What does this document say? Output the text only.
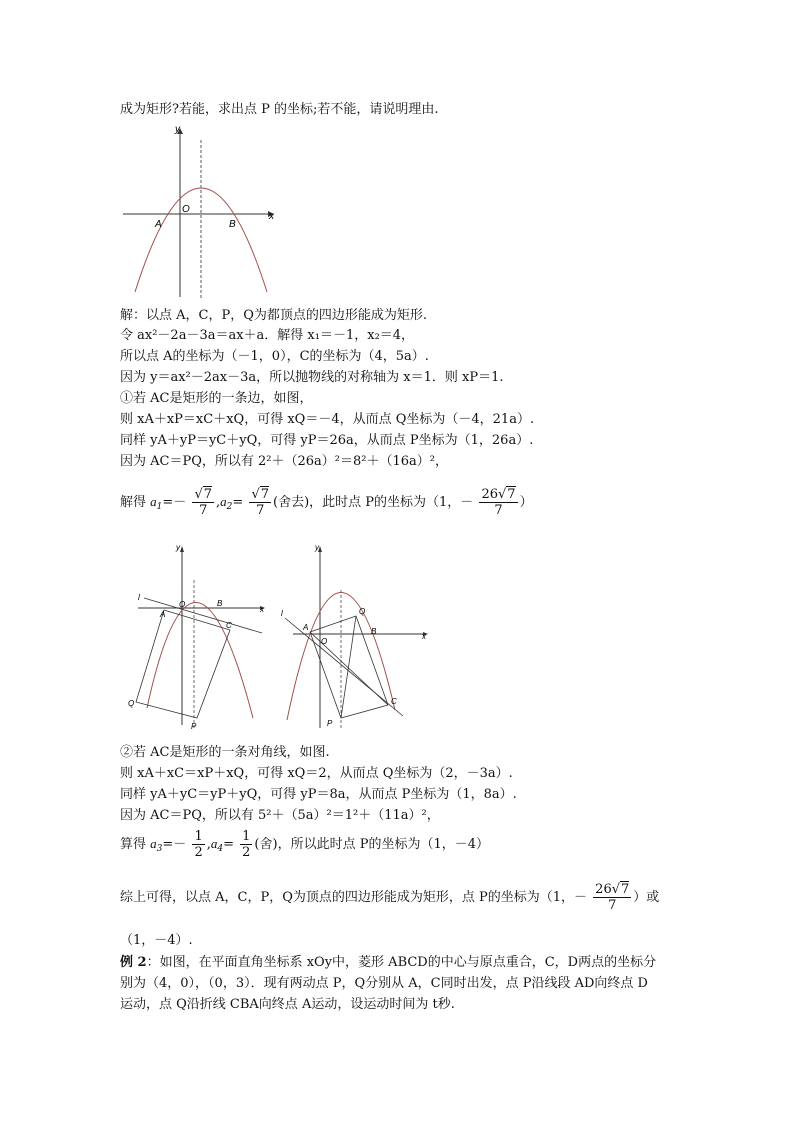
成为矩形?若能，求出点 P 的坐标;若不能，请说明理由.
y
x
O
A	B
解：以点 A，C，P，Q为都顶点的四边形能成为矩形.
令 ax²－2a－3a＝ax＋a．解得 x₁＝－1，x₂＝4，
所以点 A的坐标为（－1，0），C的坐标为（4，5a）.
因为 y＝ax²－2ax－3a，所以抛物线的对称轴为 x＝1．则 xP＝1.
①若 AC是矩形的一条边，如图，
则 xA＋xP＝xC＋xQ，可得 xQ＝－4，从而点 Q坐标为（－4，21a）.
同样 yA＋yP＝yC＋yQ，可得 yP＝26a，从而点 P坐标为（1，26a）.
因为 AC＝PQ，所以有 2²＋（26a）²＝8²＋（16a）²，
解得 $a_1=- \frac{√7}{7} ,a_2= \frac{√7}{7}$ (舍去)，此时点 P的坐标为（1，－ $\frac{26√7}{7}$ ）
y
x
O
A
B
C
Q
P
l
y
x
O
A	B
C
Q
P
l
②若 AC是矩形的一条对角线，如图.
则 xA＋xC＝xP＋xQ，可得 xQ＝2，从而点 Q坐标为（2，－3a）.
同样 yA＋yC＝yP＋yQ，可得 yP＝8a，从而点 P坐标为（1，8a）.
因为 AC＝PQ，所以有 5²＋（5a）²＝1²＋（11a）²，
算得 $a_3=- \frac{1}{2} ,a_4= \frac{1}{2}$ (舍)，所以此时点 P的坐标为（1，－4）
综上可得，以点 A，C，P，Q为顶点的四边形能成为矩形，点 P的坐标为（1，－ $\frac{26√7}{7}$ ）或
（1，－4）.
例 2：如图，在平面直角坐标系 xOy中，菱形 ABCD的中心与原点重合，C，D两点的坐标分
别为（4，0），（0，3）．现有两动点 P，Q分别从 A，C同时出发，点 P沿线段 AD向终点 D
运动，点 Q沿折线 CBA向终点 A运动，设运动时间为 t秒.
